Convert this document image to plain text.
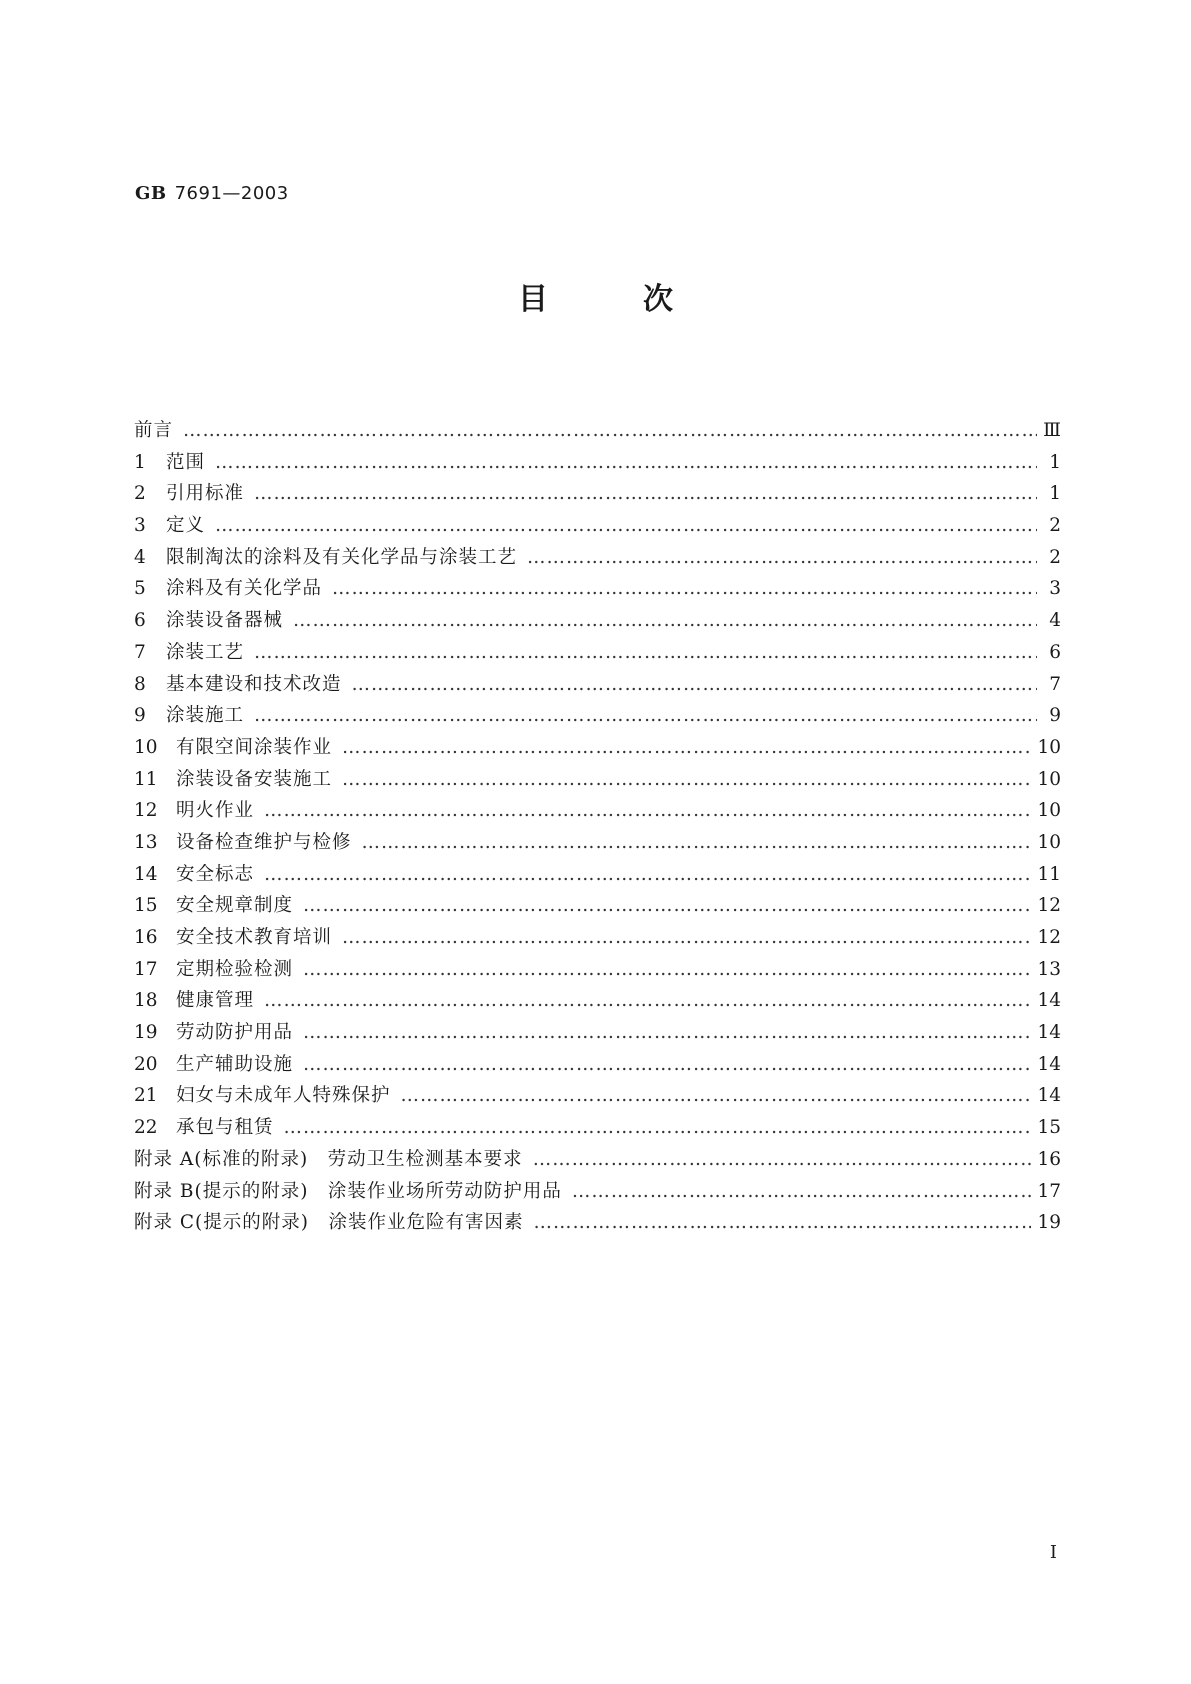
GB 7691—2003
目次
前言 …………………………………………………………………………………………………………………………………………………………………………………………………………………………………………	Ⅲ
1	范围 …………………………………………………………………………………………………………………………………………………………………………………………………………………………………………	1
2	引用标准 …………………………………………………………………………………………………………………………………………………………………………………………………………………………………………	1
3	定义 …………………………………………………………………………………………………………………………………………………………………………………………………………………………………………	2
4	限制淘汰的涂料及有关化学品与涂装工艺 …………………………………………………………………………………………………………………………………………………………………………………………………………………………………………	2
5	涂料及有关化学品 …………………………………………………………………………………………………………………………………………………………………………………………………………………………………………	3
6	涂装设备器械 …………………………………………………………………………………………………………………………………………………………………………………………………………………………………………	4
7	涂装工艺 …………………………………………………………………………………………………………………………………………………………………………………………………………………………………………	6
8	基本建设和技术改造 …………………………………………………………………………………………………………………………………………………………………………………………………………………………………………	7
9	涂装施工 …………………………………………………………………………………………………………………………………………………………………………………………………………………………………………	9
10 有限空间涂装作业 …………………………………………………………………………………………………………………………………………………………………………………………………………………………………………	10
11 涂装设备安装施工 …………………………………………………………………………………………………………………………………………………………………………………………………………………………………………	10
12 明火作业 …………………………………………………………………………………………………………………………………………………………………………………………………………………………………………	10
13 设备检查维护与检修 …………………………………………………………………………………………………………………………………………………………………………………………………………………………………………	10
14 安全标志 …………………………………………………………………………………………………………………………………………………………………………………………………………………………………………	11
15 安全规章制度 …………………………………………………………………………………………………………………………………………………………………………………………………………………………………………	12
16 安全技术教育培训 …………………………………………………………………………………………………………………………………………………………………………………………………………………………………………	12
17 定期检验检测 …………………………………………………………………………………………………………………………………………………………………………………………………………………………………………	13
18 健康管理 …………………………………………………………………………………………………………………………………………………………………………………………………………………………………………	14
19 劳动防护用品 …………………………………………………………………………………………………………………………………………………………………………………………………………………………………………	14
20 生产辅助设施 …………………………………………………………………………………………………………………………………………………………………………………………………………………………………………	14
21 妇女与未成年人特殊保护 …………………………………………………………………………………………………………………………………………………………………………………………………………………………………………	14
22 承包与租赁 …………………………………………………………………………………………………………………………………………………………………………………………………………………………………………	15
附录 A(标准的附录)　劳动卫生检测基本要求 …………………………………………………………………………………………………………………………………………………………………………………………………………………………………………	16
附录 B(提示的附录)　涂装作业场所劳动防护用品 …………………………………………………………………………………………………………………………………………………………………………………………………………………………………………	17
附录 C(提示的附录)　涂装作业危险有害因素 …………………………………………………………………………………………………………………………………………………………………………………………………………………………………………	19
I
